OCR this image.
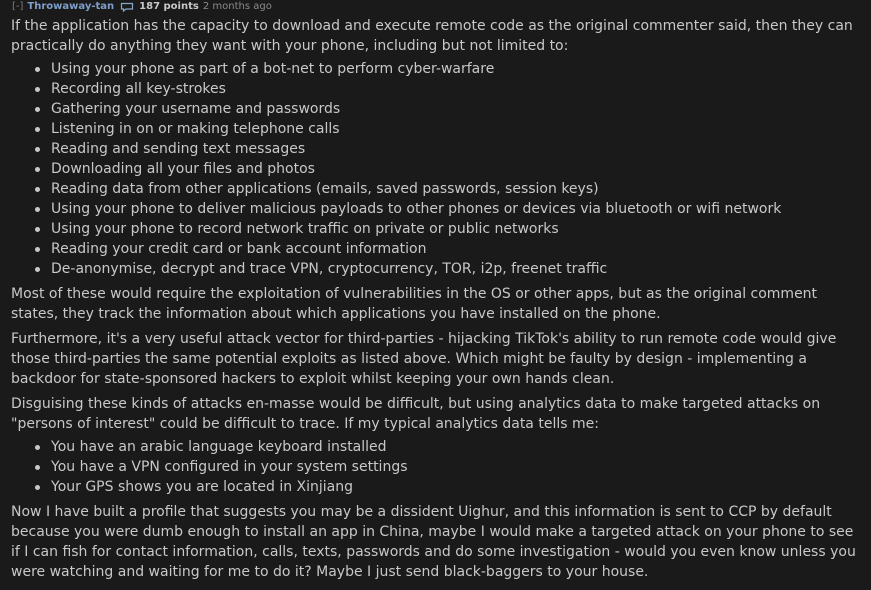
[-] Throwaway-tan	187 points 2 months ago

If the application has the capacity to download and execute remote code as the original commenter said, then they can practically do anything they want with your phone, including but not limited to:

Using your phone as part of a bot-net to perform cyber-warfare
Recording all key-strokes
Gathering your username and passwords
Listening in on or making telephone calls
Reading and sending text messages
Downloading all your files and photos
Reading data from other applications (emails, saved passwords, session keys)
Using your phone to deliver malicious payloads to other phones or devices via bluetooth or wifi network
Using your phone to record network traffic on private or public networks
Reading your credit card or bank account information
De-anonymise, decrypt and trace VPN, cryptocurrency, TOR, i2p, freenet traffic

Most of these would require the exploitation of vulnerabilities in the OS or other apps, but as the original comment states, they track the information about which applications you have installed on the phone.

Furthermore, it's a very useful attack vector for third-parties - hijacking TikTok's ability to run remote code would give those third-parties the same potential exploits as listed above. Which might be faulty by design - implementing a backdoor for state-sponsored hackers to exploit whilst keeping your own hands clean.

Disguising these kinds of attacks en-masse would be difficult, but using analytics data to make targeted attacks on "persons of interest" could be difficult to trace. If my typical analytics data tells me:

You have an arabic language keyboard installed
You have a VPN configured in your system settings
Your GPS shows you are located in Xinjiang

Now I have built a profile that suggests you may be a dissident Uighur, and this information is sent to CCP by default because you were dumb enough to install an app in China, maybe I would make a targeted attack on your phone to see if I can fish for contact information, calls, texts, passwords and do some investigation - would you even know unless you were watching and waiting for me to do it? Maybe I just send black-baggers to your house.
